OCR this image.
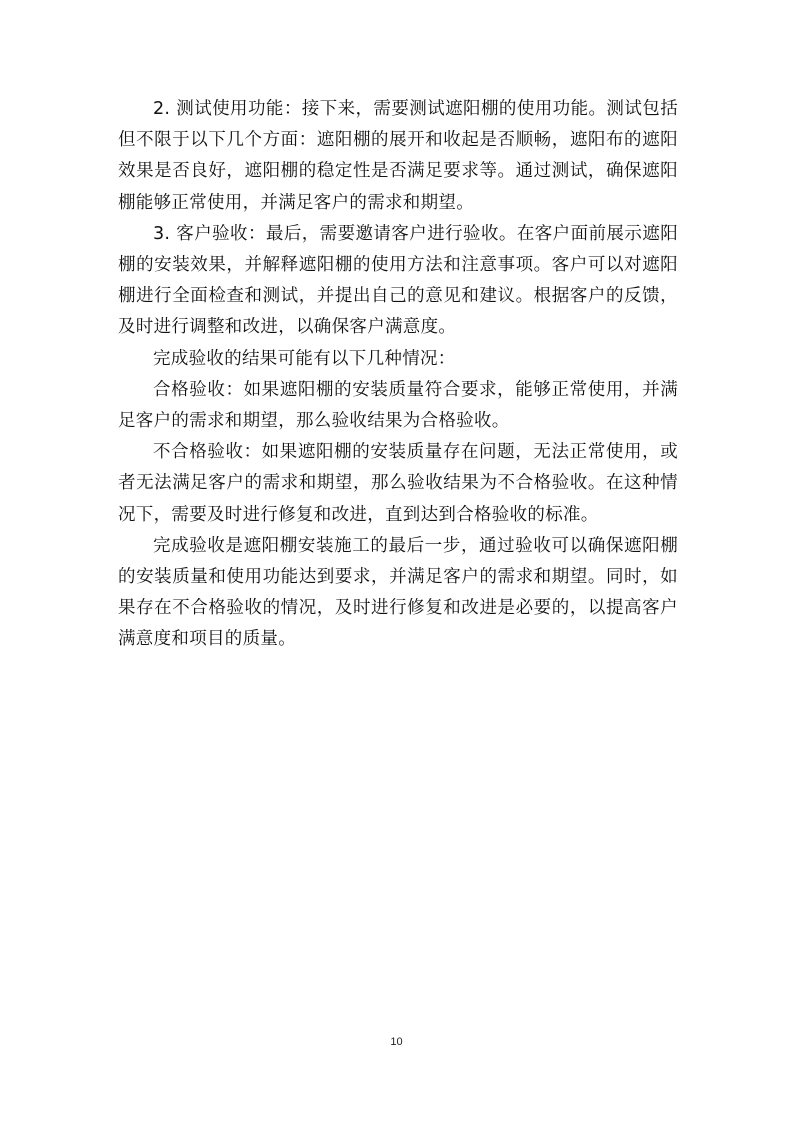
2. 测试使用功能：接下来，需要测试遮阳棚的使用功能。测试包括但不限于以下几个方面：遮阳棚的展开和收起是否顺畅，遮阳布的遮阳效果是否良好，遮阳棚的稳定性是否满足要求等。通过测试，确保遮阳棚能够正常使用，并满足客户的需求和期望。

3. 客户验收：最后，需要邀请客户进行验收。在客户面前展示遮阳棚的安装效果，并解释遮阳棚的使用方法和注意事项。客户可以对遮阳棚进行全面检查和测试，并提出自己的意见和建议。根据客户的反馈，及时进行调整和改进，以确保客户满意度。

完成验收的结果可能有以下几种情况：

合格验收：如果遮阳棚的安装质量符合要求，能够正常使用，并满足客户的需求和期望，那么验收结果为合格验收。

不合格验收：如果遮阳棚的安装质量存在问题，无法正常使用，或者无法满足客户的需求和期望，那么验收结果为不合格验收。在这种情况下，需要及时进行修复和改进，直到达到合格验收的标准。

完成验收是遮阳棚安装施工的最后一步，通过验收可以确保遮阳棚的安装质量和使用功能达到要求，并满足客户的需求和期望。同时，如果存在不合格验收的情况，及时进行修复和改进是必要的，以提高客户满意度和项目的质量。

10
